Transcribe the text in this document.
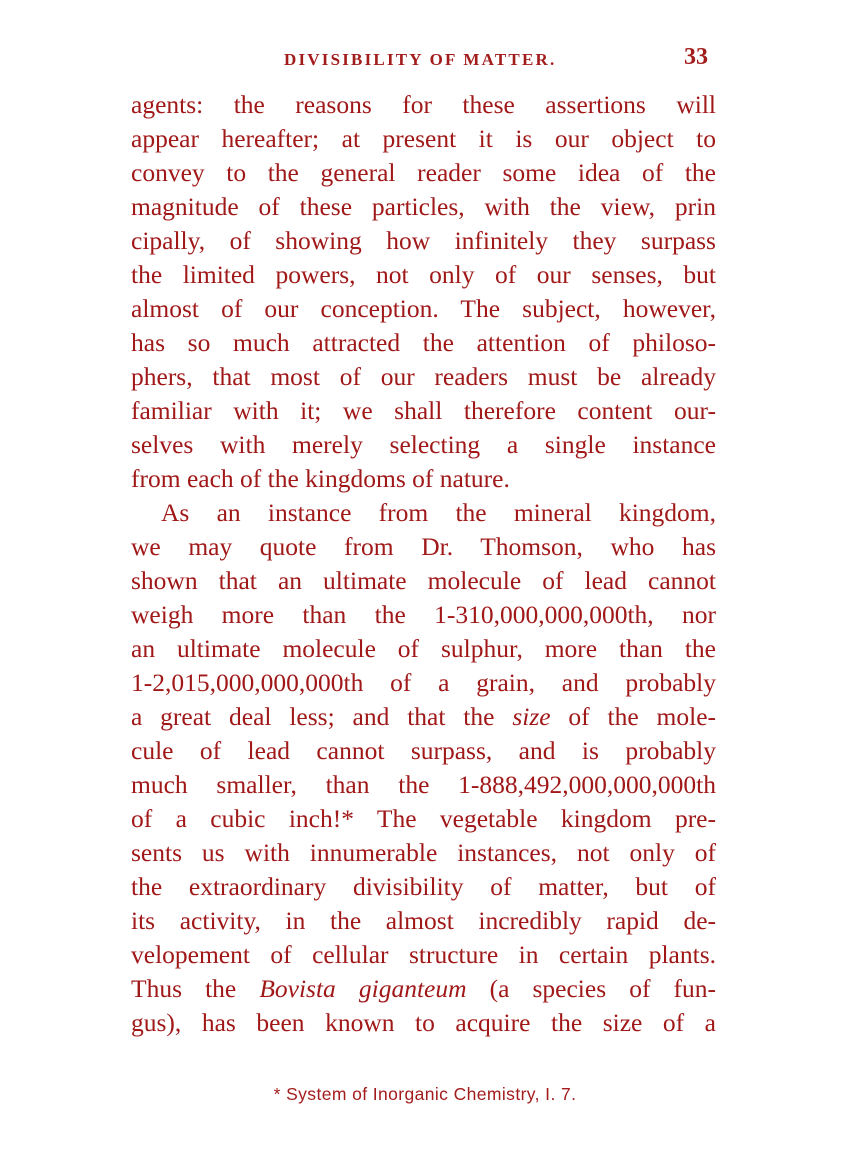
DIVISIBILITY OF MATTER.	33
agents: the reasons for these assertions will
appear hereafter; at present it is our object to
convey to the general reader some idea of the
magnitude of these particles, with the view, prin
cipally, of showing how infinitely they surpass
the limited powers, not only of our senses, but
almost of our conception. The subject, however,
has so much attracted the attention of philoso-
phers, that most of our readers must be already
familiar with it; we shall therefore content our-
selves with merely selecting a single instance
from each of the kingdoms of nature.
As an instance from the mineral kingdom,
we may quote from Dr. Thomson, who has
shown that an ultimate molecule of lead cannot
weigh more than the 1-310,000,000,000th, nor
an ultimate molecule of sulphur, more than the
1-2,015,000,000,000th of a grain, and probably
a great deal less; and that the size of the mole-
cule of lead cannot surpass, and is probably
much smaller, than the 1-888,492,000,000,000th
of a cubic inch!* The vegetable kingdom pre-
sents us with innumerable instances, not only of
the extraordinary divisibility of matter, but of
its activity, in the almost incredibly rapid de-
velopement of cellular structure in certain plants.
Thus the Bovista giganteum (a species of fun-
gus), has been known to acquire the size of a
* System of Inorganic Chemistry, I. 7.
